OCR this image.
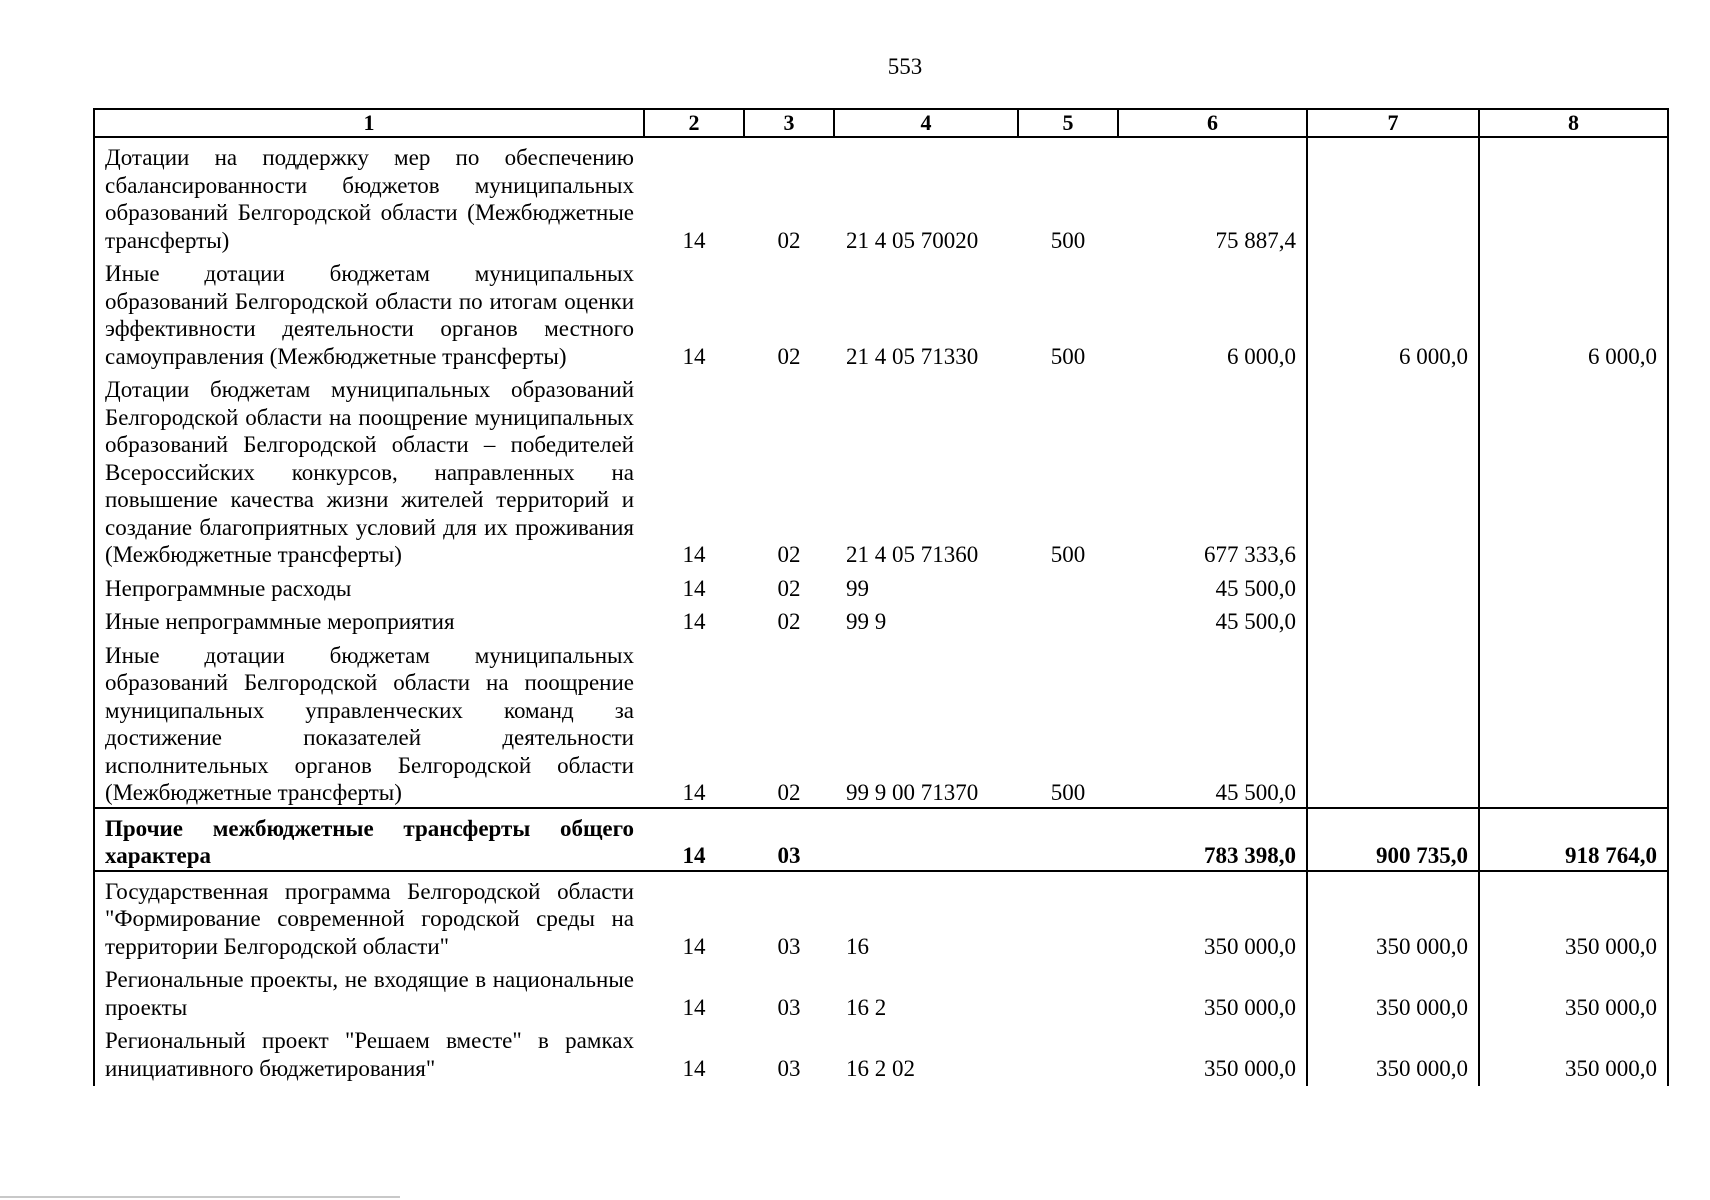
553
1	2	3	4	5	6	7	8
Дотации на поддержку мер по обеспечению сбалансированности бюджетов муниципальных образований Белгородской области (Межбюджетные трансферты)	14	02	21 4 05 70020	500	75 887,4		
Иные дотации бюджетам муниципальных образований Белгородской области по итогам оценки эффективности деятельности органов местного самоуправления (Межбюджетные трансферты)	14	02	21 4 05 71330	500	6 000,0	6 000,0	6 000,0
Дотации бюджетам муниципальных образований Белгородской области на поощрение муниципальных образований Белгородской области – победителей Всероссийских конкурсов, направленных на повышение качества жизни жителей территорий и создание благоприятных условий для их проживания (Межбюджетные трансферты)	14	02	21 4 05 71360	500	677 333,6		
Непрограммные расходы	14	02	99		45 500,0		
Иные непрограммные мероприятия	14	02	99 9		45 500,0		
Иные дотации бюджетам муниципальных образований Белгородской области на поощрение муниципальных управленческих команд за достижение показателей деятельности исполнительных органов Белгородской области (Межбюджетные трансферты)	14	02	99 9 00 71370	500	45 500,0		
Прочие межбюджетные трансферты общего характера	14	03			783 398,0	900 735,0	918 764,0
Государственная программа Белгородской области "Формирование современной городской среды на территории Белгородской области"	14	03	16		350 000,0	350 000,0	350 000,0
Региональные проекты, не входящие в национальные проекты	14	03	16 2		350 000,0	350 000,0	350 000,0
Региональный проект "Решаем вместе" в рамках инициативного бюджетирования"	14	03	16 2 02		350 000,0	350 000,0	350 000,0
